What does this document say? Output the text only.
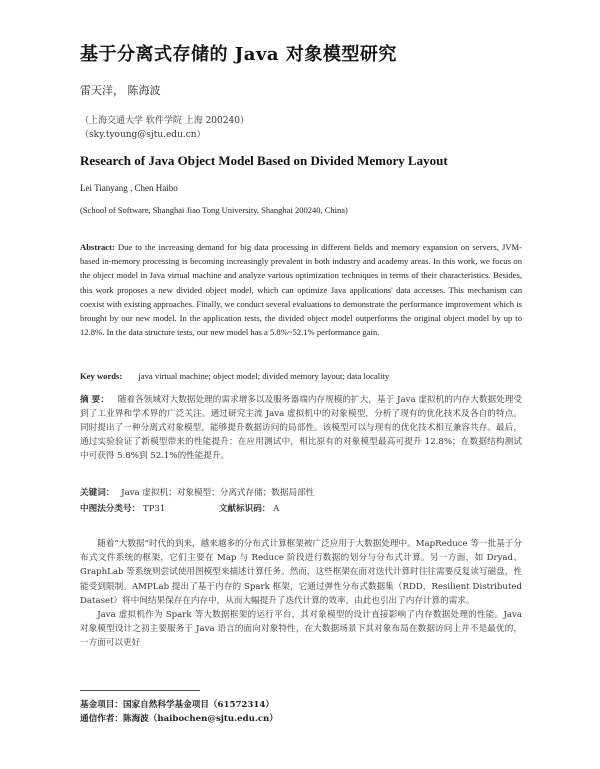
基于分离式存储的 Java 对象模型研究
雷天洋， 陈海波
（上海交通大学 软件学院 上海 200240）
（sky.tyoung@sjtu.edu.cn）
Research of Java Object Model Based on Divided Memory Layout
Lei Tianyang , Chen Haibo
(School of Software, Shanghai Jiao Tong University, Shanghai 200240, China)
Abstract: Due to the increasing demand for big data processing in different fields and memory expansion on servers, JVM-based in-memory processing is becoming increasingly prevalent in both industry and academy areas. In this work, we focus on the object model in Java virtual machine and analyze various optimization techniques in terms of their characteristics. Besides, this work proposes a new divided object model, which can optimize Java applications' data accesses. This mechanism can coexist with existing approaches. Finally, we conduct several evaluations to demonstrate the performance improvement which is brought by our new model. In the application tests, the divided object model outperforms the original object model by up to 12.8%. In the data structure tests, our new model has a 5.8%~52.1% performance gain.
Key words: java virtual machine; object model; divided memory layout; data locality
摘 要： 随着各领域对大数据处理的需求增多以及服务器端内存规模的扩大，基于 Java 虚拟机的内存大数据处理受到了工业界和学术界的广泛关注。通过研究主流 Java 虚拟机中的对象模型，分析了现有的优化技术及各自的特点。同时提出了一种分离式对象模型，能够提升数据访问的局部性。该模型可以与现有的优化技术相互兼容共存。最后，通过实验验证了新模型带来的性能提升：在应用测试中，相比原有的对象模型最高可提升 12.8%；在数据结构测试中可获得 5.8%到 52.1%的性能提升。
关键词： Java 虚拟机；对象模型；分离式存储；数据局部性
中图法分类号： TP31	文献标识码： A

随着“大数据”时代的到来，越来越多的分布式计算框架被广泛应用于大数据处理中。MapReduce 等一批基于分布式文件系统的框架，它们主要在 Map 与 Reduce 阶段进行数据的划分与分布式计算。另一方面，如 Dryad、GraphLab 等系统则尝试使用图模型来描述计算任务。然而，这些框架在面对迭代计算时往往需要反复读写磁盘，性能受到限制。AMPLab 提出了基于内存的 Spark 框架，它通过弹性分布式数据集（RDD，Resilient Distributed Dataset）将中间结果保存在内存中，从而大幅提升了迭代计算的效率，由此也引出了内存计算的需求。

Java 虚拟机作为 Spark 等大数据框架的运行平台，其对象模型的设计直接影响了内存数据处理的性能。Java 对象模型设计之初主要服务于 Java 语言的面向对象特性，在大数据场景下其对象布局在数据访问上并不是最优的，一方面可以更好

基金项目：国家自然科学基金项目（61572314）
通信作者：陈海波（haibochen@sjtu.edu.cn）
